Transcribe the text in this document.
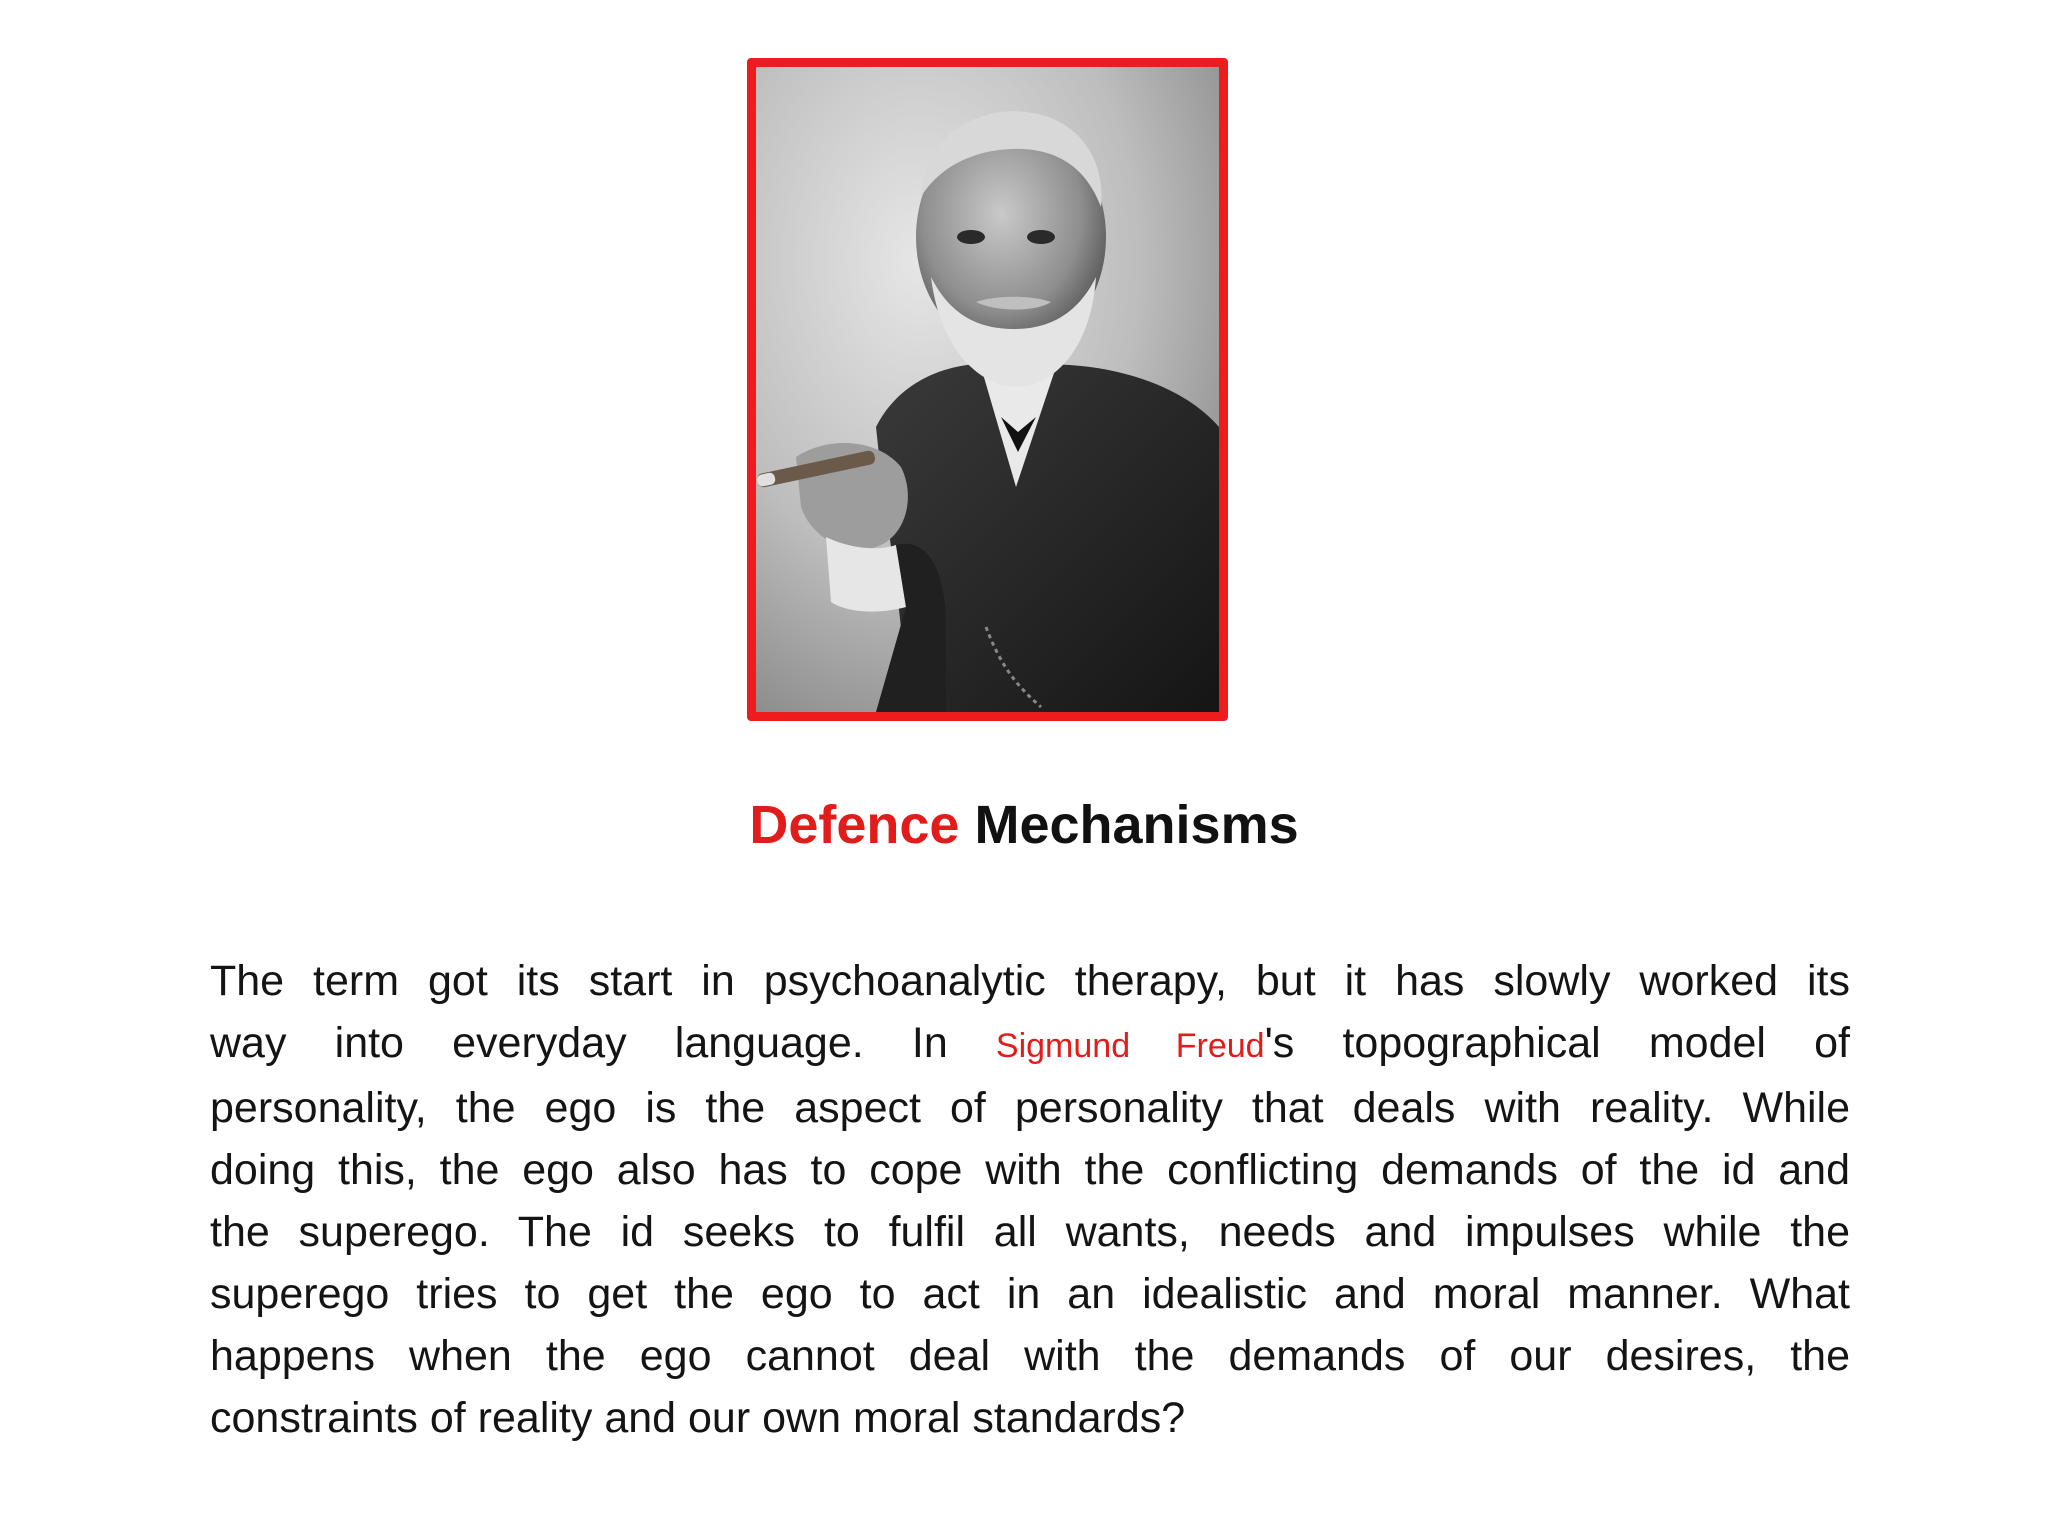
Defence Mechanisms
The term got its start in psychoanalytic therapy, but it has slowly worked its
way into everyday language. In Sigmund Freud's topographical model of
personality, the ego is the aspect of personality that deals with reality. While
doing this, the ego also has to cope with the conflicting demands of the id and
the superego. The id seeks to fulfil all wants, needs and impulses while the
superego tries to get the ego to act in an idealistic and moral manner. What
happens when the ego cannot deal with the demands of our desires, the
constraints of reality and our own moral standards?
